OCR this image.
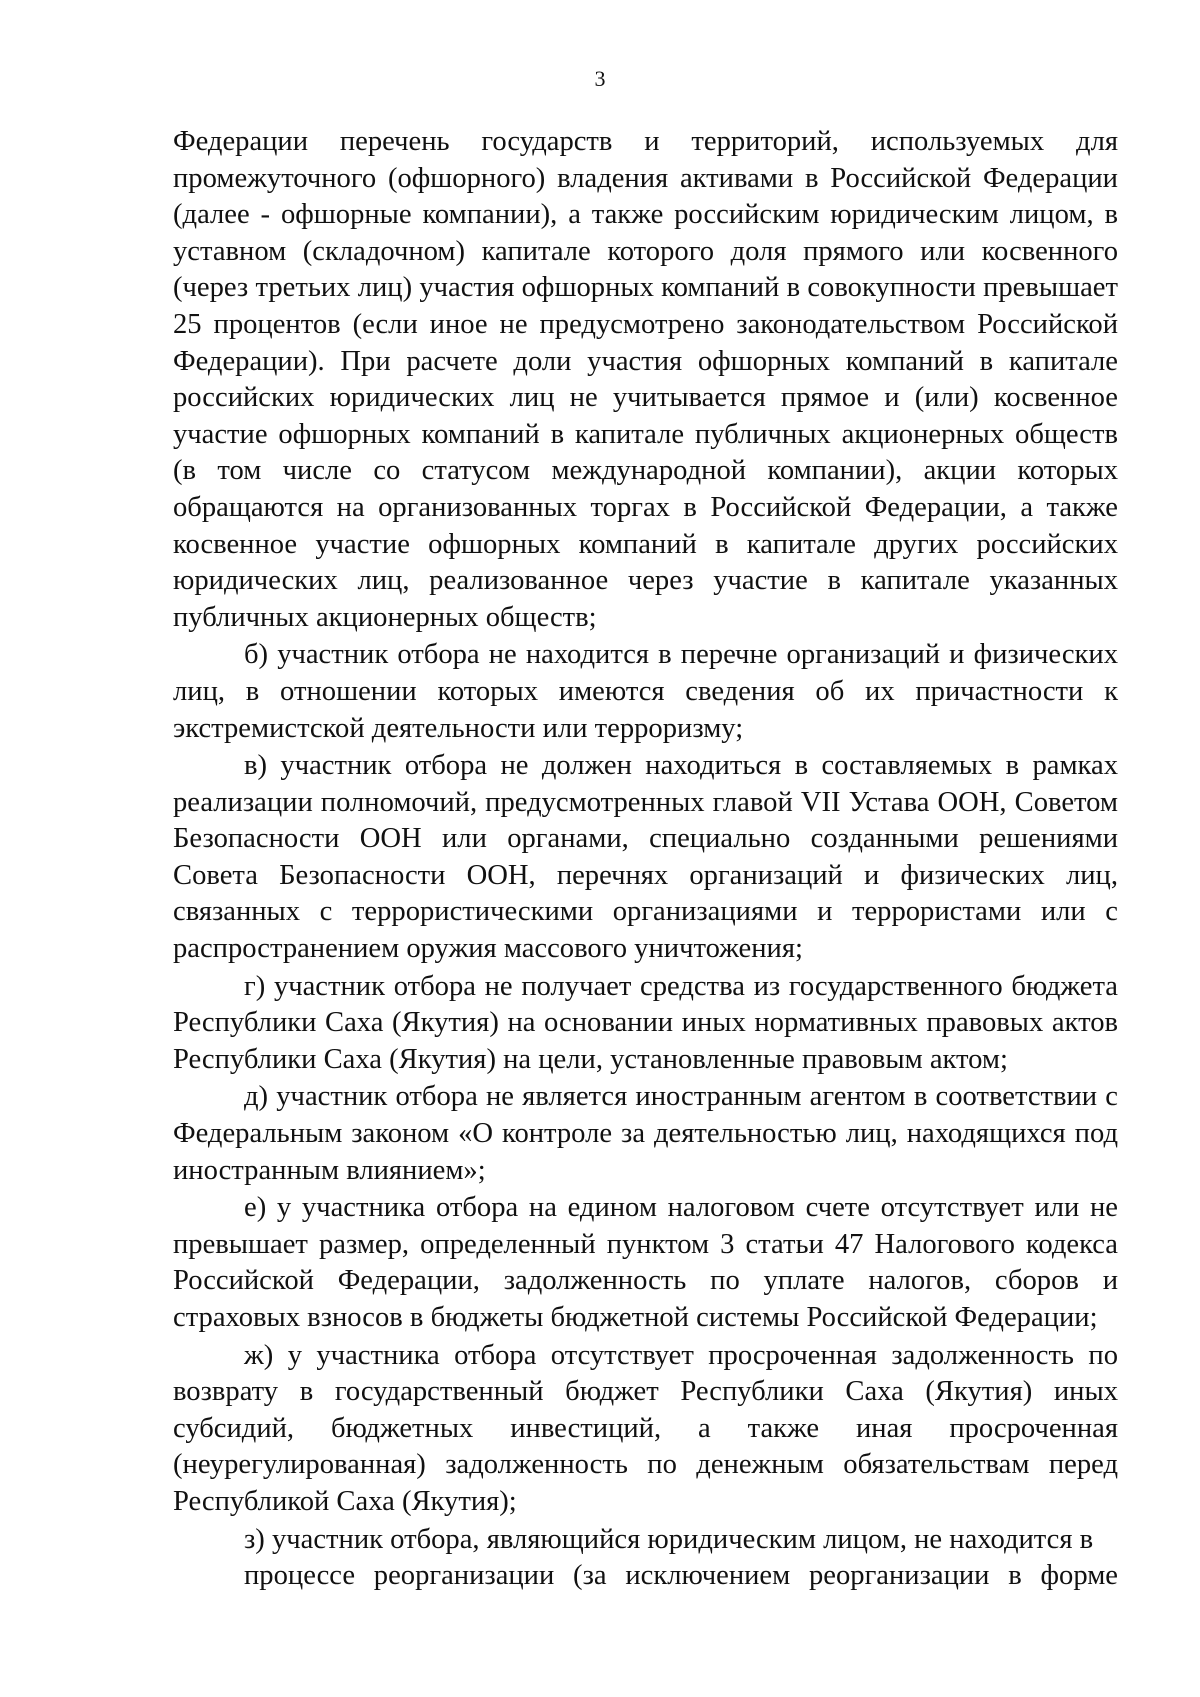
3

Федерации перечень государств и территорий, используемых для промежуточного (офшорного) владения активами в Российской Федерации (далее - офшорные компании), а также российским юридическим лицом, в уставном (складочном) капитале которого доля прямого или косвенного (через третьих лиц) участия офшорных компаний в совокупности превышает 25 процентов (если иное не предусмотрено законодательством Российской Федерации). При расчете доли участия офшорных компаний в капитале российских юридических лиц не учитывается прямое и (или) косвенное участие офшорных компаний в капитале публичных акционерных обществ (в том числе со статусом международной компании), акции которых обращаются на организованных торгах в Российской Федерации, а также косвенное участие офшорных компаний в капитале других российских юридических лиц, реализованное через участие в капитале указанных публичных акционерных обществ;

б) участник отбора не находится в перечне организаций и физических лиц, в отношении которых имеются сведения об их причастности к экстремистской деятельности или терроризму;

в) участник отбора не должен находиться в составляемых в рамках реализации полномочий, предусмотренных главой VII Устава ООН, Советом Безопасности ООН или органами, специально созданными решениями Совета Безопасности ООН, перечнях организаций и физических лиц, связанных с террористическими организациями и террористами или с распространением оружия массового уничтожения;

г) участник отбора не получает средства из государственного бюджета Республики Саха (Якутия) на основании иных нормативных правовых актов Республики Саха (Якутия) на цели, установленные правовым актом;

д) участник отбора не является иностранным агентом в соответствии с Федеральным законом «О контроле за деятельностью лиц, находящихся под иностранным влиянием»;

е) у участника отбора на едином налоговом счете отсутствует или не превышает размер, определенный пунктом 3 статьи 47 Налогового кодекса Российской Федерации, задолженность по уплате налогов, сборов и страховых взносов в бюджеты бюджетной системы Российской Федерации;

ж) у участника отбора отсутствует просроченная задолженность по возврату в государственный бюджет Республики Саха (Якутия) иных субсидий, бюджетных инвестиций, а также иная просроченная (неурегулированная) задолженность по денежным обязательствам перед Республикой Саха (Якутия);

з) участник отбора, являющийся юридическим лицом, не находится в
процессе реорганизации (за исключением реорганизации в форме
